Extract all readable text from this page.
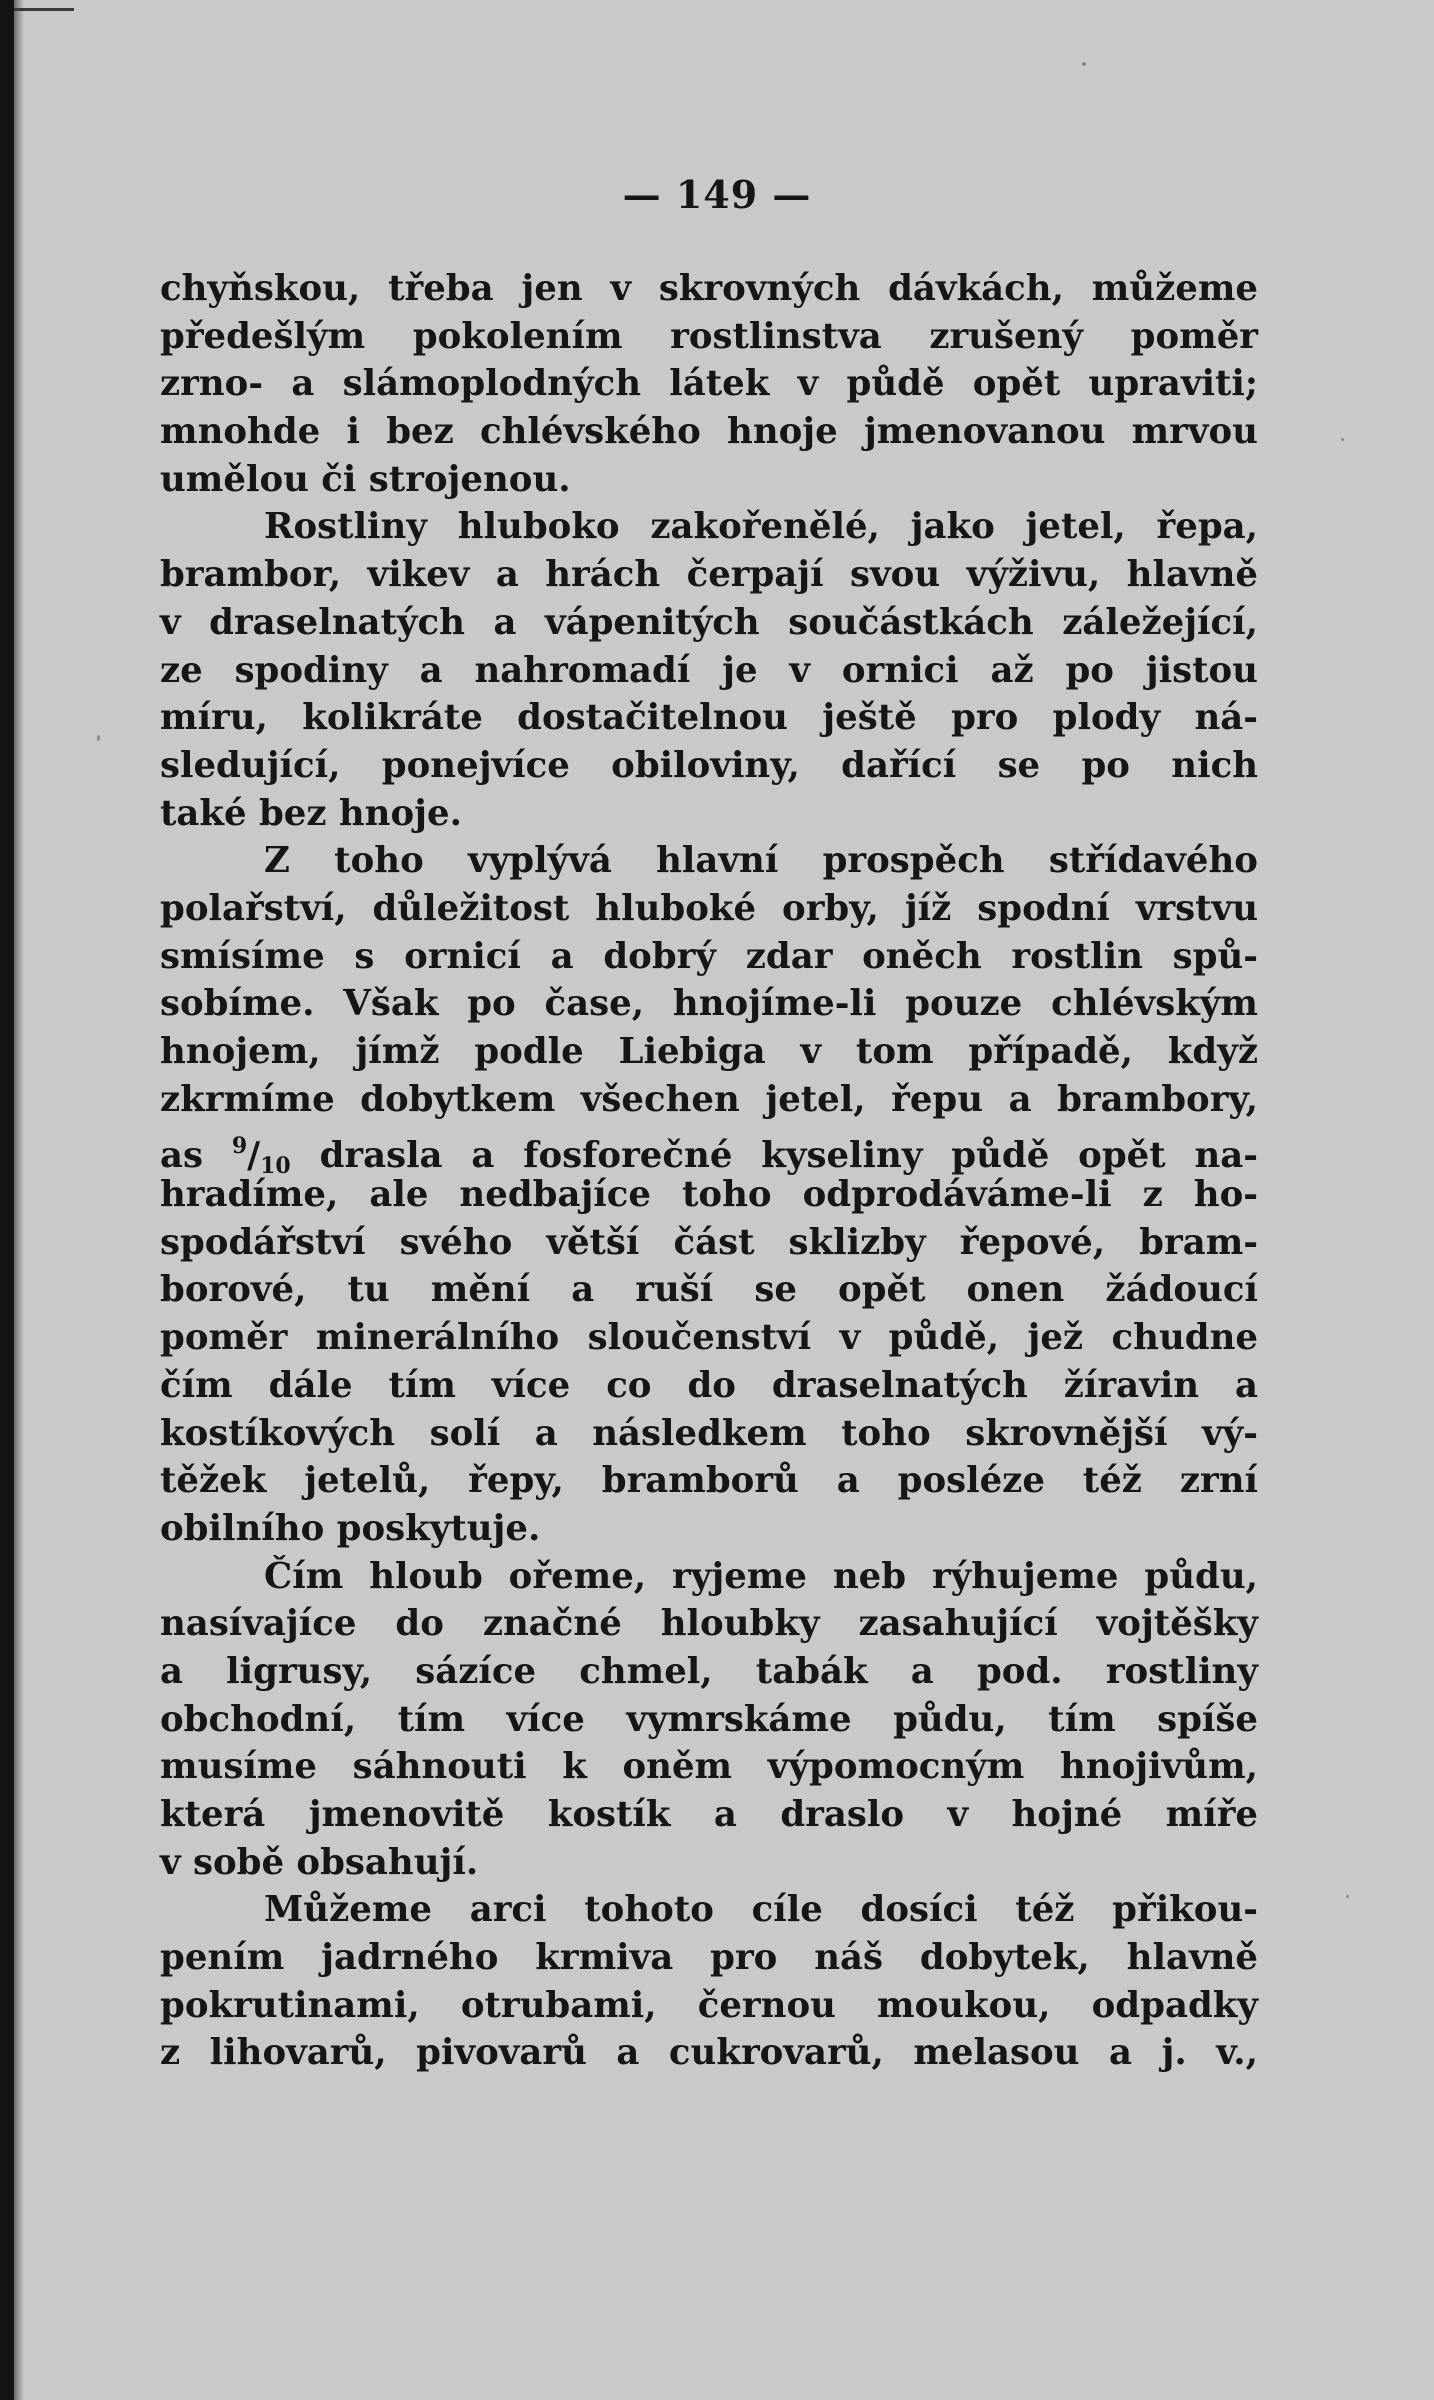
— 149 —
chyňskou, třeba jen v skrovných dávkách, můžeme
předešlým pokolením rostlinstva zrušený poměr
zrno- a slámoplodných látek v půdě opět upraviti;
mnohde i bez chlévského hnoje jmenovanou mrvou
umělou či strojenou.
Rostliny hluboko zakořenělé, jako jetel, řepa,
brambor, vikev a hrách čerpají svou výživu, hlavně
v draselnatých a vápenitých součástkách záležející,
ze spodiny a nahromadí je v ornici až po jistou
míru, kolikráte dostačitelnou ještě pro plody ná-
sledující, ponejvíce obiloviny, dařící se po nich
také bez hnoje.
Z toho vyplývá hlavní prospěch střídavého
polařství, důležitost hluboké orby, jíž spodní vrstvu
smísíme s ornicí a dobrý zdar oněch rostlin spů-
sobíme. Však po čase, hnojíme-li pouze chlévským
hnojem, jímž podle Liebiga v tom případě, když
zkrmíme dobytkem všechen jetel, řepu a brambory,
as $^9$/10 drasla a fosforečné kyseliny půdě opět na-
hradíme, ale nedbajíce toho odprodáváme-li z ho-
spodářství svého větší část sklizby řepové, bram-
borové, tu mění a ruší se opět onen žádoucí
poměr minerálního sloučenství v půdě, jež chudne
čím dále tím více co do draselnatých žíravin a
kostíkových solí a následkem toho skrovnější vý-
těžek jetelů, řepy, bramborů a posléze též zrní
obilního poskytuje.
Čím hloub ořeme, ryjeme neb rýhujeme půdu,
nasívajíce do značné hloubky zasahující vojtěšky
a ligrusy, sázíce chmel, tabák a pod. rostliny
obchodní, tím více vymrskáme půdu, tím spíše
musíme sáhnouti k oněm výpomocným hnojivům,
která jmenovitě kostík a draslo v hojné míře
v sobě obsahují.
Můžeme arci tohoto cíle dosíci též přikou-
pením jadrného krmiva pro náš dobytek, hlavně
pokrutinami, otrubami, černou moukou, odpadky
z lihovarů, pivovarů a cukrovarů, melasou a j. v.,
